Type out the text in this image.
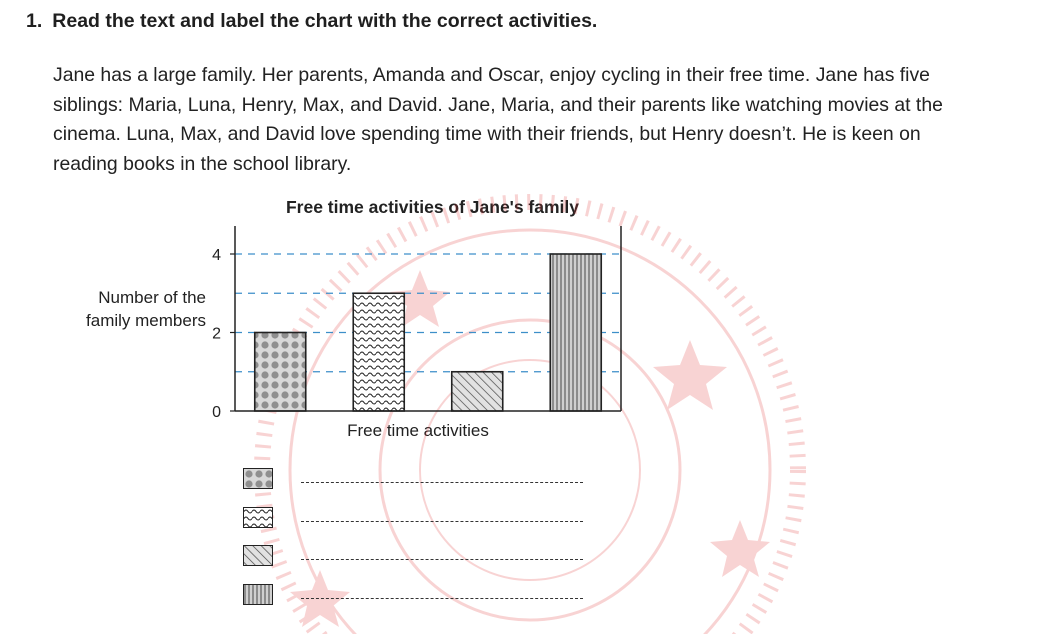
1. Read the text and label the chart with the correct activities.

Jane has a large family. Her parents, Amanda and Oscar, enjoy cycling in their free time. Jane has five

siblings: Maria, Luna, Henry, Max, and David. Jane, Maria, and their parents like watching movies at the

cinema. Luna, Max, and David love spending time with their friends, but Henry doesn’t. He is keen on

reading books in the school library.

Free time activities of Jane's family
Number of the
family members
Free time activities
0
2
4
